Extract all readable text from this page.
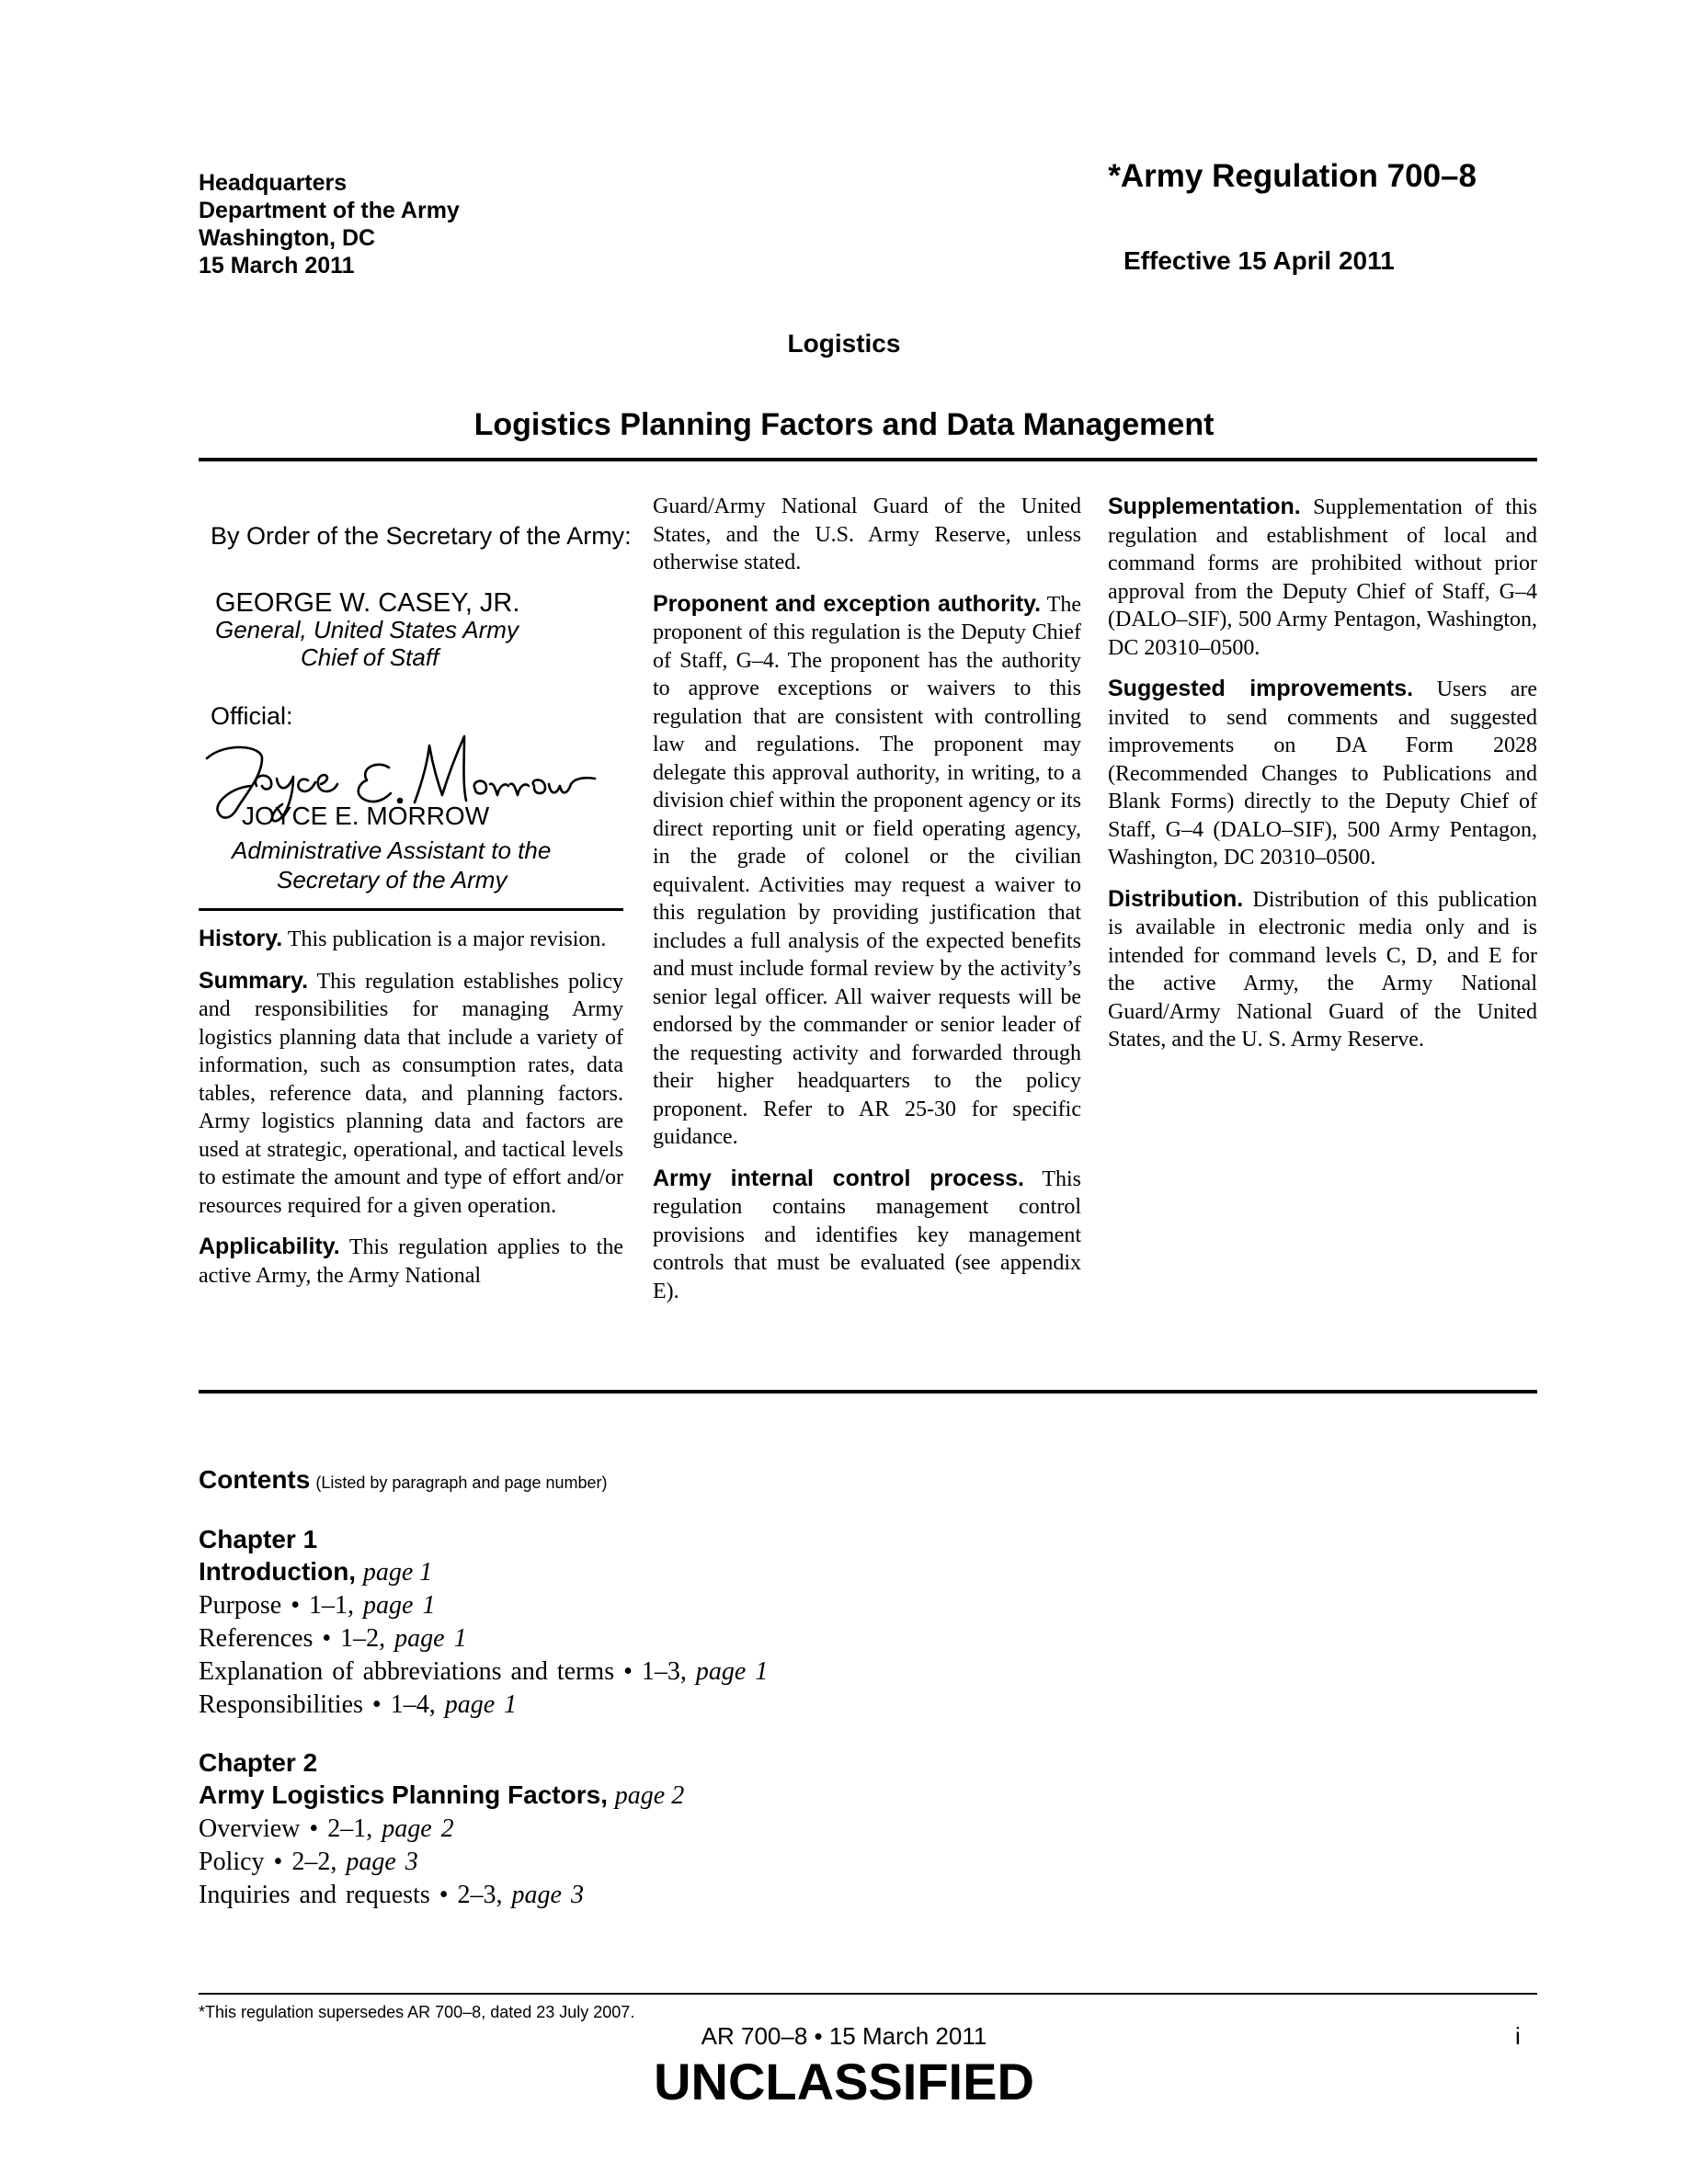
Headquarters
Department of the Army
Washington, DC
15 March 2011
*Army Regulation 700–8
Effective 15 April 2011
Logistics
Logistics Planning Factors and Data Management
By Order of the Secretary of the Army:
GEORGE W. CASEY, JR.
General, United States Army
Chief of Staff
Official:
JOYCE E. MORROW
Administrative Assistant to the
Secretary of the Army

History. This publication is a major revision.

Summary. This regulation establishes policy and responsibilities for managing Army logistics planning data that include a variety of information, such as consumption rates, data tables, reference data, and planning factors. Army logistics planning data and factors are used at strategic, operational, and tactical levels to estimate the amount and type of effort and/or resources required for a given operation.

Applicability. This regulation applies to the active Army, the Army National

Guard/Army National Guard of the United States, and the U.S. Army Reserve, unless otherwise stated.

Proponent and exception authority. The proponent of this regulation is the Deputy Chief of Staff, G–4. The proponent has the authority to approve exceptions or waivers to this regulation that are consistent with controlling law and regulations. The proponent may delegate this approval authority, in writing, to a division chief within the proponent agency or its direct reporting unit or field operating agency, in the grade of colonel or the civilian equivalent. Activities may request a waiver to this regulation by providing justification that includes a full analysis of the expected benefits and must include formal review by the activity’s senior legal officer. All waiver requests will be endorsed by the commander or senior leader of the requesting activity and forwarded through their higher headquarters to the policy proponent. Refer to AR 25-30 for specific guidance.

Army internal control process. This regulation contains management control provisions and identifies key management controls that must be evaluated (see appendix E).

Supplementation. Supplementation of this regulation and establishment of local and command forms are prohibited without prior approval from the Deputy Chief of Staff, G–4 (DALO–SIF), 500 Army Pentagon, Washington, DC 20310–0500.

Suggested improvements. Users are invited to send comments and suggested improvements on DA Form 2028 (Recommended Changes to Publications and Blank Forms) directly to the Deputy Chief of Staff, G–4 (DALO–SIF), 500 Army Pentagon, Washington, DC 20310–0500.

Distribution. Distribution of this publication is available in electronic media only and is intended for command levels C, D, and E for the active Army, the Army National Guard/Army National Guard of the United States, and the U. S. Army Reserve.

Contents (Listed by paragraph and page number)
Chapter 1
Introduction, page 1
Purpose • 1–1, page 1
References • 1–2, page 1
Explanation of abbreviations and terms • 1–3, page 1
Responsibilities • 1–4, page 1
Chapter 2
Army Logistics Planning Factors, page 2
Overview • 2–1, page 2
Policy • 2–2, page 3
Inquiries and requests • 2–3, page 3
*This regulation supersedes AR 700–8, dated 23 July 2007.
AR 700–8 • 15 March 2011	i
UNCLASSIFIED
